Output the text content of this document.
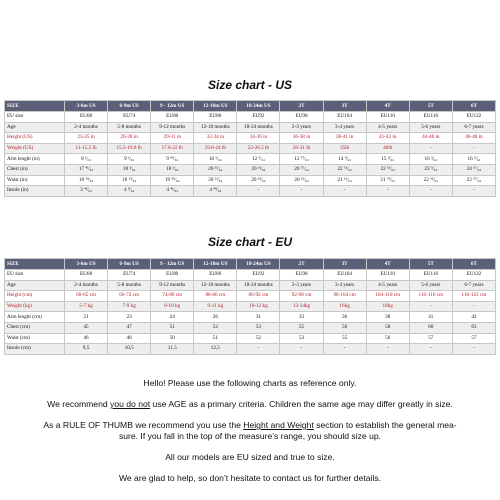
Size chart - US
SIZE	3-6m US	6-9m US	9 - 12m US	12-18m US	18-24m US	2T	3T	4T	5T	6T
EU size	EU68	EU74	EU80	EU86	EU92	EU98	EU104	EU110	EU116	EU122
Age	2-4 months	5-8 months	9-12 months	12-18 months	18-24 months	2-3 years	3-4 years	4-5 years	5-6 years	6-7 years
Height (US)	23-25 in	26-28 in	29-31 in	32-34 in	34-36 in	36-38 in	38-41 in	41-43 in	44-46 in	46-48 in
Weight (US)	11-15.5 lb	15.5-19.8 lb	17.6-22 lb	19.8-24 lb	22-26.5 lb	26-31 lb	35lb	40lb	-	-
Arm lenght (in)	8 ¹⁄₆₄	9 ¹⁄₆₄	9 ⁴⁵⁄₆₄	10 ⁵⁄₆₄	12 ⁵⁄₆₄	12 ⁵⁷⁄₆₄	14 ⁹⁄₆₄	15 ⁹⁄₆₄	16 ³⁄₆₄	16 ⁵⁄₆₄
Chest (in)	17 ⁴¹⁄₆₄	18 ³⁄₆₄	18 ³⁄₆₄	20 ³¹⁄₆₄	20 ³¹⁄₆₄	20 ⁵⁷⁄₆₄	22 ⁵¹⁄₆₄	22 ⁵¹⁄₆₄	23 ⁵⁄₆₄	24 ⁵⁷⁄₆₄
Waist (in)	18 ¹⁹⁄₆₄	18 ¹⁵⁄₆₄	19 ⁴⁵⁄₆₄	20 ²¹⁄₆₄	20 ¹⁹⁄₆₄	20 ¹⁵⁄₆₄	21 ¹⁵⁄₆₄	21 ⁵⁵⁄₆₄	22 ³⁵⁄₆₄	22 ⁵⁷⁄₆₄
Insole (in)	3 ⁴¹⁄₆₄	4 ⁹⁄₆₄	4 ⁴¹⁄₆₄	4 ⁴⁹⁄₆₄	-	-	-	-	-	-
Size chart - EU
SIZE	3-6m US	6-9m US	9 - 12m US	12-18m US	18-24m US	2T	3T	4T	5T	6T
EU size	EU68	EU74	EU80	EU86	EU92	EU98	EU104	EU110	EU116	EU122
Age	2-4 months	5-8 months	9-12 months	12-18 months	18-24 months	2-3 years	3-4 years	4-5 years	5-6 years	6-7 years
Height (cm)	60-65 cm	66-72 cm	74-80 cm	80-86 cm	86-92 cm	92-98 cm	98-104 cm	104-110 cm	110-116 cm	116-122 cm
Weight (kg)	5-7 kg	7-9 kg	8-10 kg	9-11 kg	10-12 kg	12-14kg	16kg	18kg	-	-
Arm lenght (cm)	21	23	24	26	31	33	36	38	41	42
Chest (cm)	45	47	51	52	53	55	56	58	60	63
Waist (cm)	46	48	50	51	52	53	55	56	57	57
Insole (cm)	9,5	10,5	11,5	12,5	-	-	-	-	-	-

Hello! Please use the following charts as reference only.

We recommend you do not use AGE as a primary criteria. Children the same age may differ greatly in size.

As a RULE OF THUMB we recommend you use the Height and Weight section to establish the general mea-

sure. If you fall in the top of the measure’s range, you should size up.

All our models are EU sized and true to size.

We are glad to help, so don’t hesitate to contact us for further details.
